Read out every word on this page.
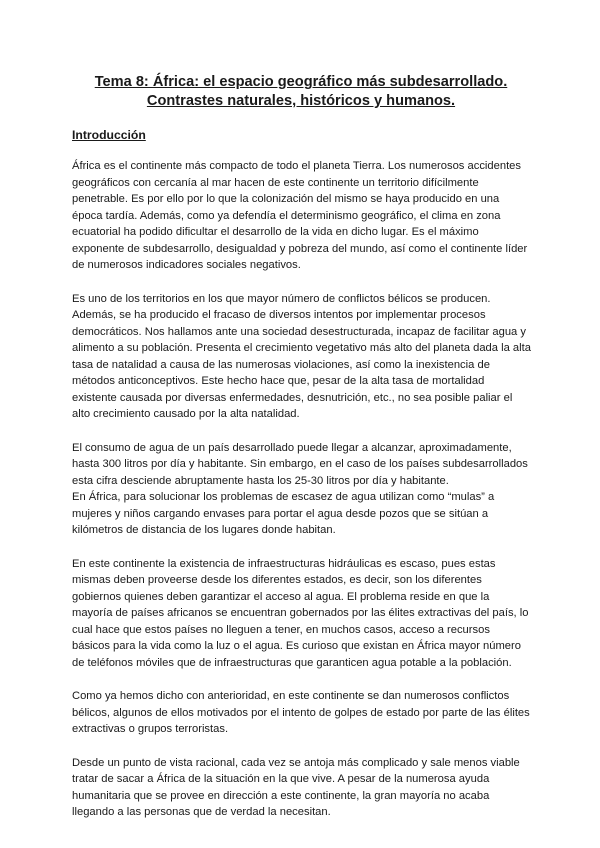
Tema 8: África: el espacio geográfico más subdesarrollado.
Contrastes naturales, históricos y humanos.
Introducción

África es el continente más compacto de todo el planeta Tierra. Los numerosos accidentes
geográficos con cercanía al mar hacen de este continente un territorio difícilmente
penetrable. Es por ello por lo que la colonización del mismo se haya producido en una
época tardía. Además, como ya defendía el determinismo geográfico, el clima en zona
ecuatorial ha podido dificultar el desarrollo de la vida en dicho lugar. Es el máximo
exponente de subdesarrollo, desigualdad y pobreza del mundo, así como el continente líder
de numerosos indicadores sociales negativos.

Es uno de los territorios en los que mayor número de conflictos bélicos se producen.
Además, se ha producido el fracaso de diversos intentos por implementar procesos
democráticos. Nos hallamos ante una sociedad desestructurada, incapaz de facilitar agua y
alimento a su población. Presenta el crecimiento vegetativo más alto del planeta dada la alta
tasa de natalidad a causa de las numerosas violaciones, así como la inexistencia de
métodos anticonceptivos. Este hecho hace que, pesar de la alta tasa de mortalidad
existente causada por diversas enfermedades, desnutrición, etc., no sea posible paliar el
alto crecimiento causado por la alta natalidad.

El consumo de agua de un país desarrollado puede llegar a alcanzar, aproximadamente,
hasta 300 litros por día y habitante. Sin embargo, en el caso de los países subdesarrollados
esta cifra desciende abruptamente hasta los 25-30 litros por día y habitante.
En África, para solucionar los problemas de escasez de agua utilizan como “mulas” a
mujeres y niños cargando envases para portar el agua desde pozos que se sitúan a
kilómetros de distancia de los lugares donde habitan.

En este continente la existencia de infraestructuras hidráulicas es escaso, pues estas
mismas deben proveerse desde los diferentes estados, es decir, son los diferentes
gobiernos quienes deben garantizar el acceso al agua. El problema reside en que la
mayoría de países africanos se encuentran gobernados por las élites extractivas del país, lo
cual hace que estos países no lleguen a tener, en muchos casos, acceso a recursos
básicos para la vida como la luz o el agua. Es curioso que existan en África mayor número
de teléfonos móviles que de infraestructuras que garanticen agua potable a la población.

Como ya hemos dicho con anterioridad, en este continente se dan numerosos conflictos
bélicos, algunos de ellos motivados por el intento de golpes de estado por parte de las élites
extractivas o grupos terroristas.

Desde un punto de vista racional, cada vez se antoja más complicado y sale menos viable
tratar de sacar a África de la situación en la que vive. A pesar de la numerosa ayuda
humanitaria que se provee en dirección a este continente, la gran mayoría no acaba
llegando a las personas que de verdad la necesitan.
